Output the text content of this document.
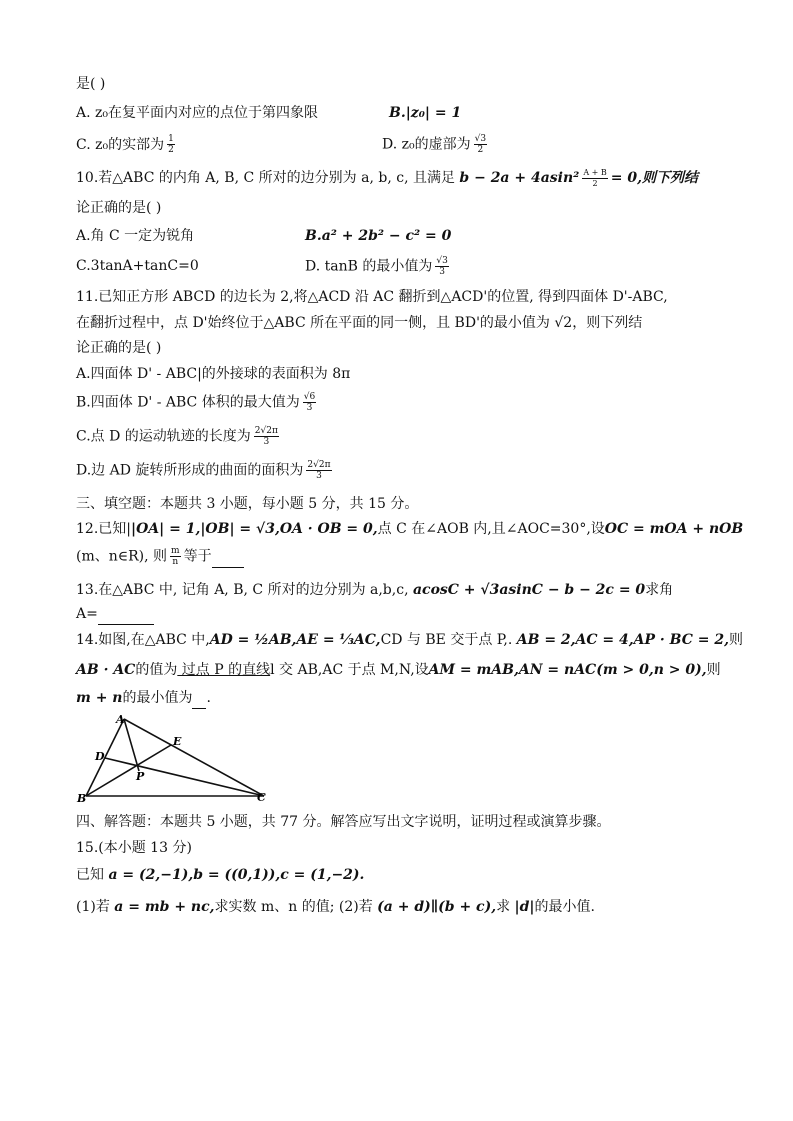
是( )
A. z₀在复平面内对应的点位于第四象限	B.|z₀| = 1
C. z₀的实部为 $\frac{1}{2}$	D. z₀的虚部为 $\frac{√3}{2}$
10.若△ABC 的内角 A, B, C 所对的边分别为 a, b, c, 且满足 $b - 2a + 4asin^2 \frac{A + B}{2} = 0$,则下列结
论正确的是( )
A.角 C 一定为锐角	B.a² + 2b² − c² = 0
C.3tanA+tanC=0	D. tanB 的最小值为 $\frac{√3}{3}$
11.已知正方形 ABCD 的边长为 2,将△ACD 沿 AC 翻折到△ACD'的位置, 得到四面体 D'-ABC,
在翻折过程中，点 D'始终位于△ABC 所在平面的同一侧，且 BD'的最小值为 √2，则下列结
论正确的是( )
A.四面体 D' - ABC|的外接球的表面积为 8π
B.四面体 D' - ABC 体积的最大值为 $\frac{√6}{3}$
C.点 D 的运动轨迹的长度为 $\frac{2√2\pi}{3}$
D.边 AD 旋转所形成的曲面的面积为 $\frac{2√2\pi}{3}$
三、填空题：本题共 3 小题，每小题 5 分，共 15 分。
12.已知||OA| = 1,|OB| = √3,OA · OB = 0,点 C 在∠AOB 内,且∠AOC=30°,设OC = mOA + nOB
(m、n∈R), 则 $\frac{m}{n}$ 等于
13.在△ABC 中, 记角 A, B, C 所对的边分别为 a,b,c, acosC + √3asinC − b − 2c = 0求角
A=
14.如图,在△ABC 中,AD = ½AB,AE = ⅓AC,CD 与 BE 交于点 P,. AB = 2,AC = 4,AP · BC = 2,则
AB · AC的值为 过点 P 的直线l 交 AB,AC 于点 M,N,设AM = mAB,AN = nAC(m > 0,n > 0),则
m + n的最小值为 .
A
B	C
D
E
P
四、解答题：本题共 5 小题，共 77 分。解答应写出文字说明，证明过程或演算步骤。
15.(本小题 13 分)
已知 a = (2,−1),b = ((0,1)),c = (1,−2).
(1)若 a = mb + nc,求实数 m、n 的值; (2)若 (a + d)∥(b + c),求 |d|的最小值.
